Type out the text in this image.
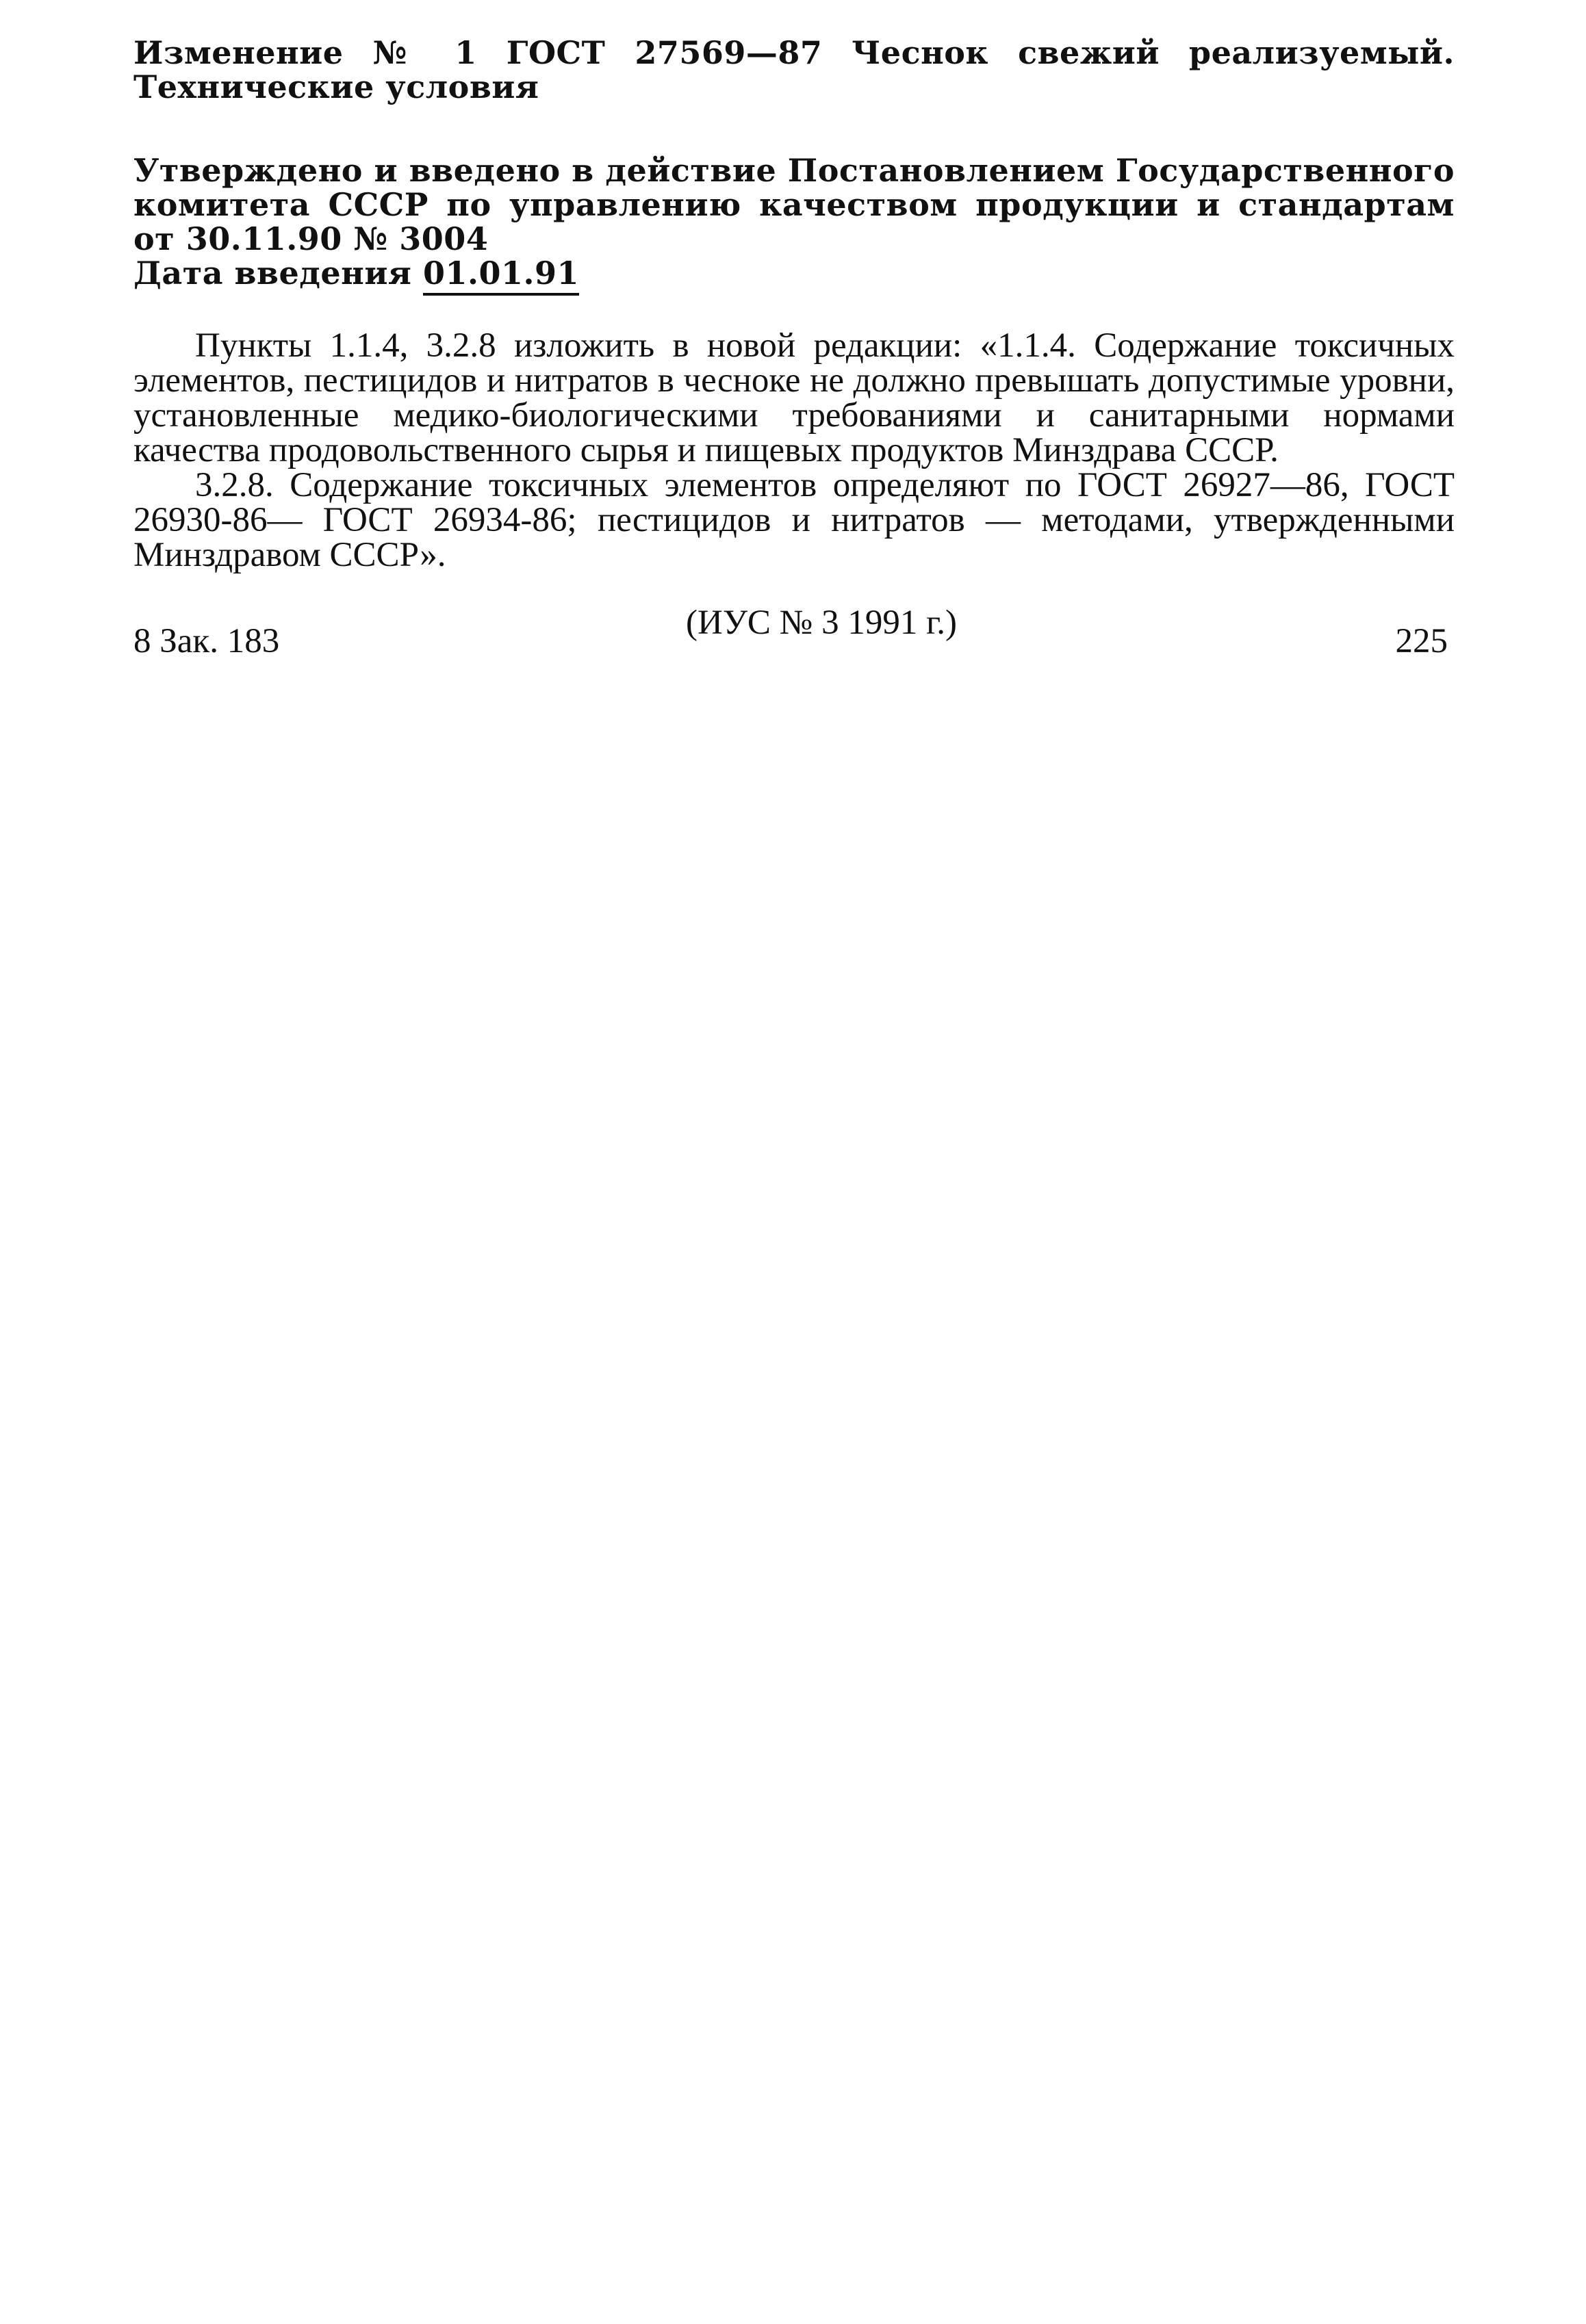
Изменение № 1 ГОСТ 27569—87 Чеснок свежий реализуемый. Технические условия

Утверждено и введено в действие Постановлением Государственного комитета СССР по управлению качеством продукции и стандартам от 30.11.90 № 3004

Дата введения 01.01.91

Пункты 1.1.4, 3.2.8 изложить в новой редакции: «1.1.4. Содержание токсичных элементов, пестицидов и нитратов в чесноке не должно превышать допустимые уровни, установленные медико-биологическими требованиями и санитарными нормами качества продовольственного сырья и пищевых продуктов Минздрава СССР.

3.2.8. Содержание токсичных элементов определяют по ГОСТ 26927—86, ГОСТ 26930-86— ГОСТ 26934-86; пестицидов и нитратов — методами, утвержденными Минздравом СССР».

(ИУС № 3 1991 г.)

8 Зак. 183	225
